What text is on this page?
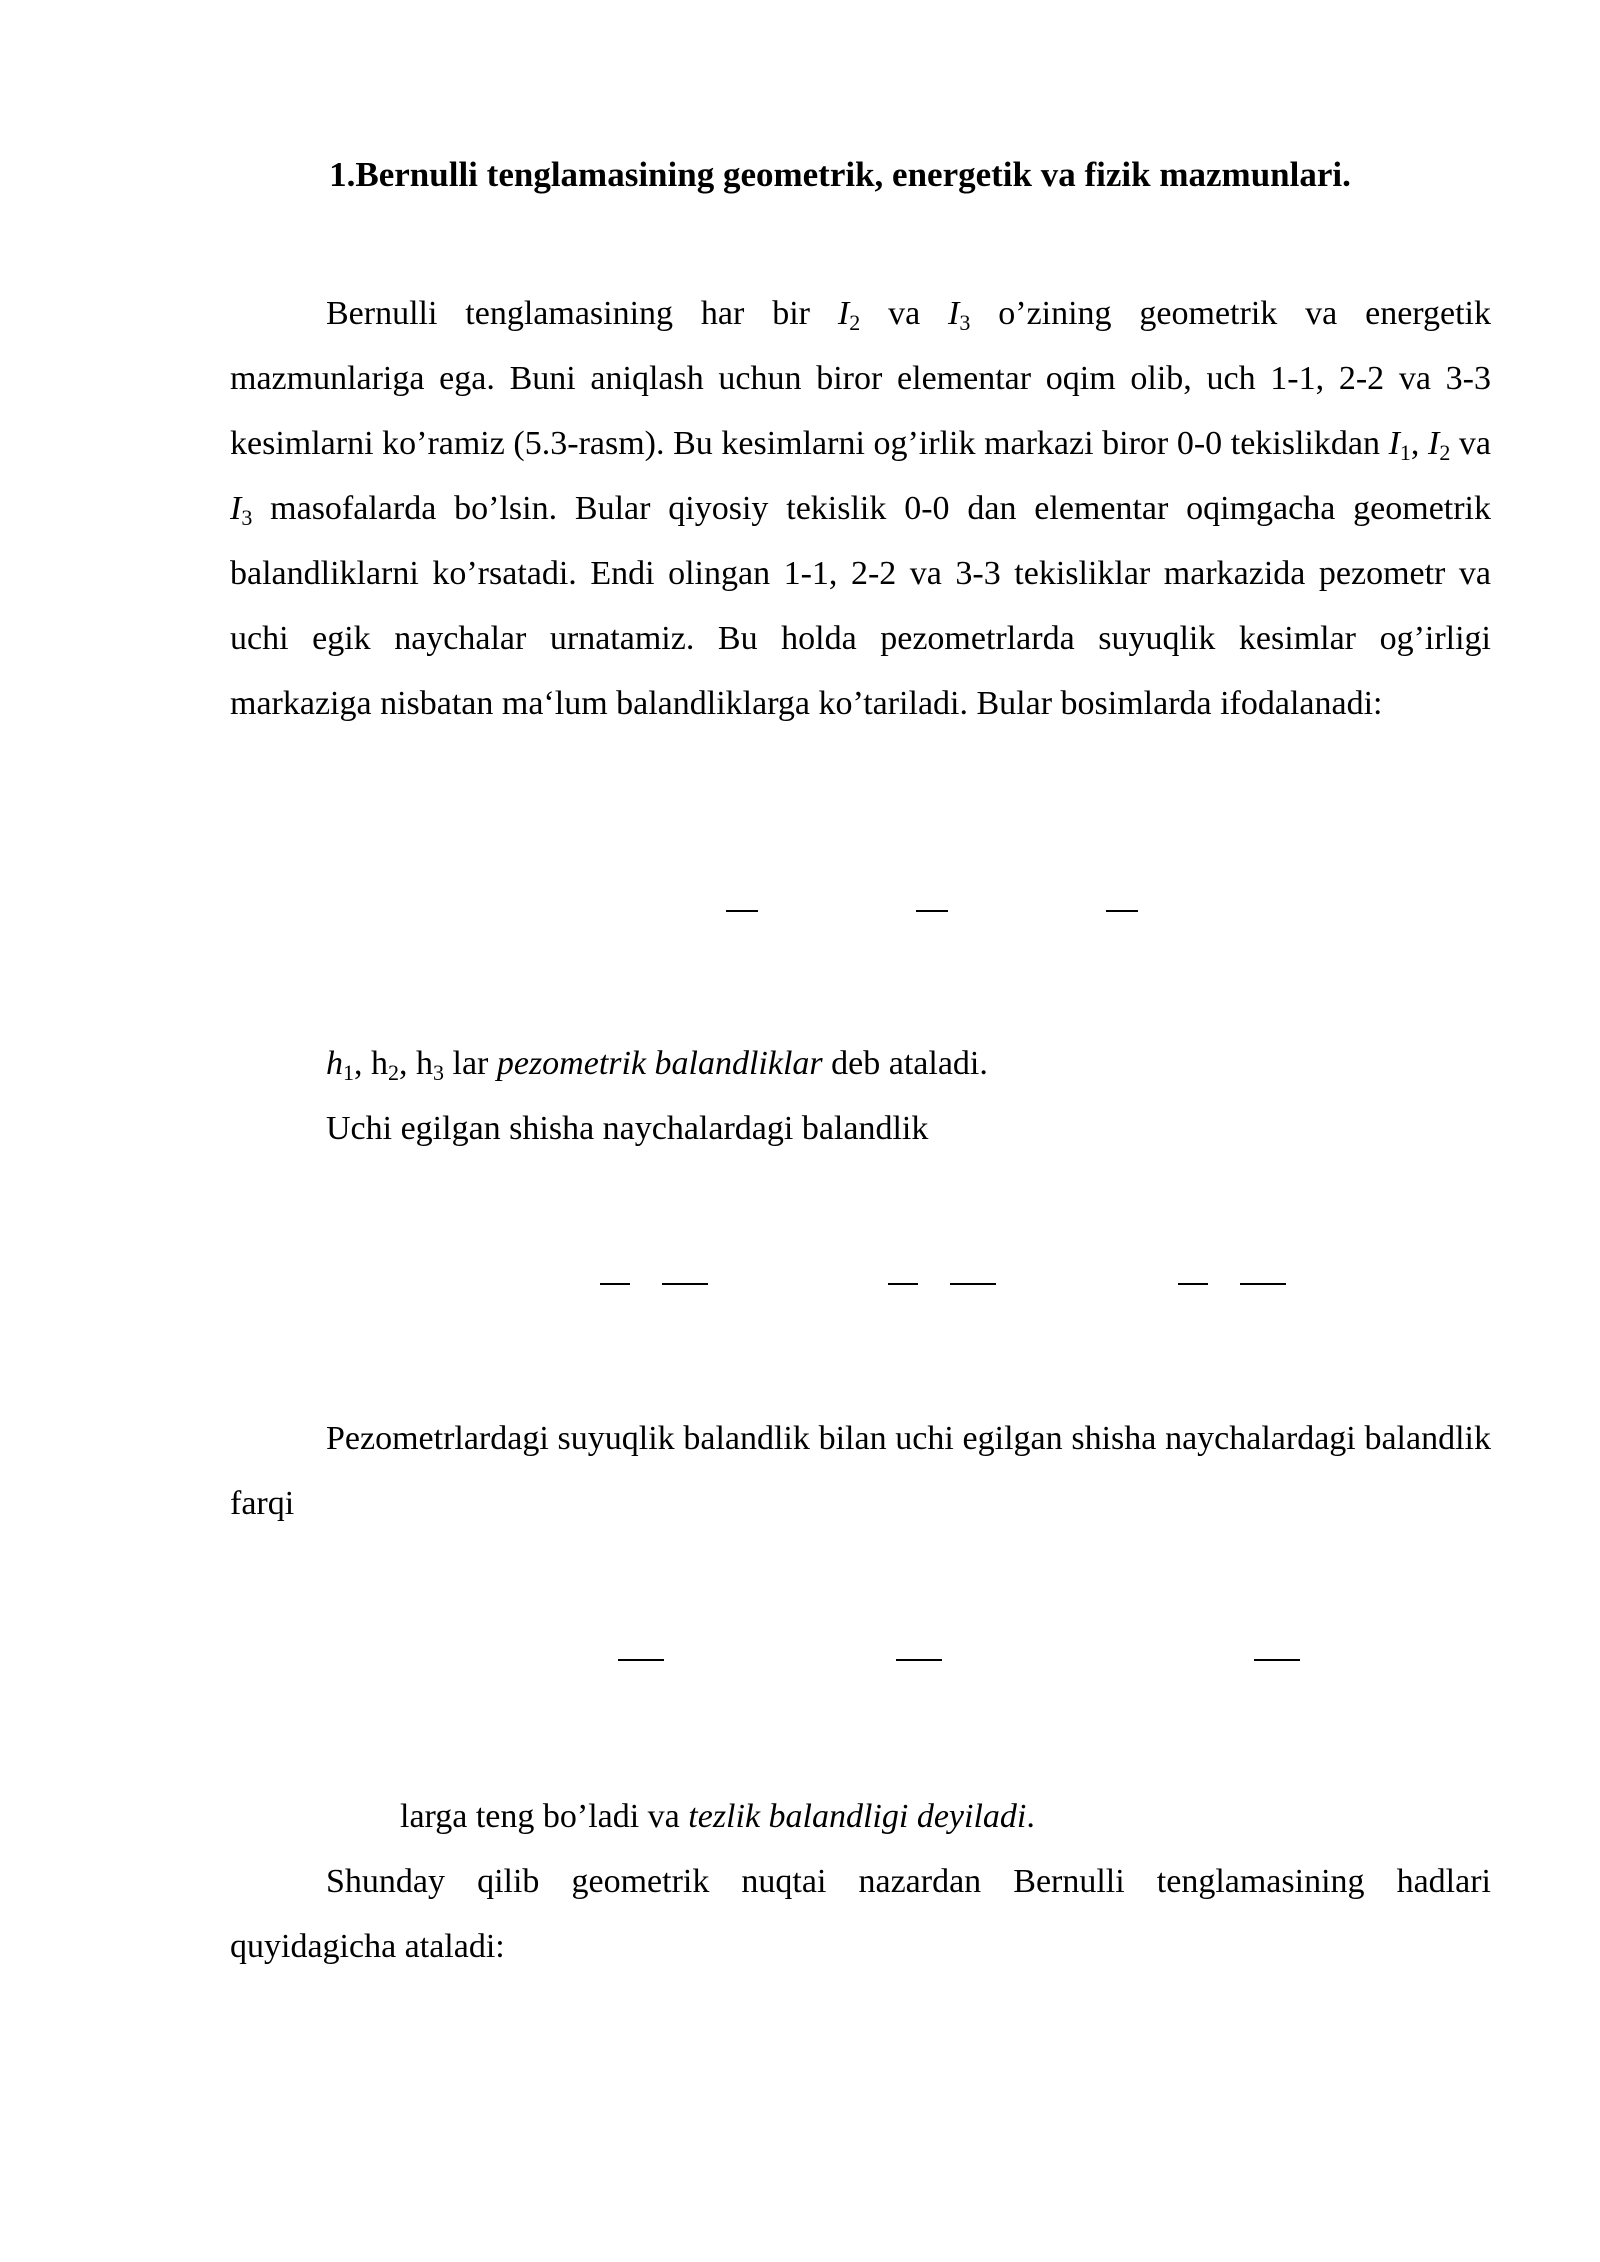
1.Bernulli tenglamasining geometrik, energetik va fizik mazmunlari.
Bernulli tenglamasining har bir $I_2$ va $I_3$ o’zining geometrik va energetik mazmunlariga ega. Buni aniqlash uchun biror elementar oqim olib, uch 1-1, 2-2 va 3-3 kesimlarni ko’ramiz (5.3-rasm). Bu kesimlarni og’irlik markazi biror 0-0 tekislikdan $I_1$, $I_2$ va $I_3$ masofalarda bo’lsin. Bular qiyosiy tekislik 0-0 dan elementar oqimgacha geometrik balandliklarni ko’rsatadi. Endi olingan 1-1, 2-2 va 3-3 tekisliklar markazida pezometr va uchi egik naychalar urnatamiz. Bu holda pezometrlarda suyuqlik kesimlar og’irligi markaziga nisbatan ma‘lum balandliklarga ko’tariladi. Bular bosimlarda ifodalanadi:
$h_1$, $h_2$, $h_3$ lar pezometrik balandliklar deb ataladi.
Uchi egilgan shisha naychalardagi balandlik
Pezometrlardagi suyuqlik balandlik bilan uchi egilgan shisha naychalardagi balandlik farqi
larga teng bo’ladi va tezlik balandligi deyiladi.
Shunday qilib geometrik nuqtai nazardan Bernulli tenglamasining hadlari quyidagicha ataladi:
